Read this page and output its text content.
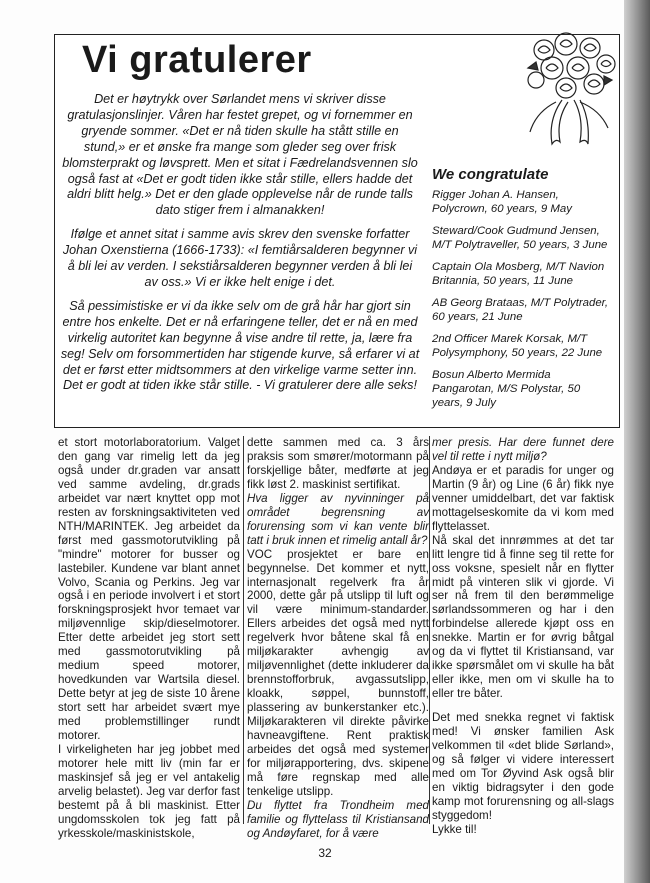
Vi gratulerer

Det er høytrykk over Sørlandet mens vi skriver disse gratulasjonslinjer. Våren har festet grepet, og vi fornemmer en gryende sommer. «Det er nå tiden skulle ha stått stille en stund,» er et ønske fra mange som gleder seg over frisk blomsterprakt og løvsprett. Men et sitat i Fædrelandsvennen slo også fast at «Det er godt tiden ikke står stille, ellers hadde det aldri blitt helg.» Det er den glade opplevelse når de runde talls dato stiger frem i almanakken!

Ifølge et annet sitat i samme avis skrev den svenske forfatter Johan Oxenstierna (1666-1733): «I femtiårsalderen begynner vi å bli lei av verden. I sekstiårsalderen begynner verden å bli lei av oss.» Vi er ikke helt enige i det.

Så pessimistiske er vi da ikke selv om de grå hår har gjort sin entre hos enkelte. Det er nå erfaringene teller, det er nå en med virkelig autoritet kan begynne å vise andre til rette, ja, lære fra seg! Selv om forsommertiden har stigende kurve, så erfarer vi at det er først etter midtsommers at den virkelige varme setter inn. Det er godt at tiden ikke står stille. - Vi gratulerer dere alle seks!

We congratulate

Rigger Johan A. Hansen, Polycrown, 60 years, 9 May

Steward/Cook Gudmund Jensen, M/T Polytraveller, 50 years, 3 June

Captain Ola Mosberg, M/T Navion Britannia, 50 years, 11 June

AB Georg Brataas, M/T Polytrader, 60 years, 21 June

2nd Officer Marek Korsak, M/T Polysymphony, 50 years, 22 June

Bosun Alberto Mermida Pangarotan, M/S Polystar, 50 years, 9 July

et stort motorlaboratorium. Valget den gang var rimelig lett da jeg også under dr.graden var ansatt ved samme avdeling, dr.grads arbeidet var nært knyttet opp mot resten av forskningsaktiviteten ved NTH/MARINTEK. Jeg arbeidet da først med gassmotorutvikling på "mindre" motorer for busser og lastebiler. Kundene var blant annet Volvo, Scania og Perkins. Jeg var også i en periode involvert i et stort forskningsprosjekt hvor temaet var miljøvennlige skip/dieselmotorer. Etter dette arbeidet jeg stort sett med gassmotorutvikling på medium speed motorer, hovedkunden var Wartsila diesel. Dette betyr at jeg de siste 10 årene stort sett har arbeidet svært mye med problemstillinger rundt motorer.

I virkeligheten har jeg jobbet med motorer hele mitt liv (min far er maskinsjef så jeg er vel antakelig arvelig belastet). Jeg var derfor fast bestemt på å bli maskinist. Etter ungdomsskolen tok jeg fatt på yrkesskole/maskinistskole,

dette sammen med ca. 3 års praksis som smører/motormann på forskjellige båter, medførte at jeg fikk løst 2. maskinist sertifikat.

Hva ligger av nyvinninger på området begrensning av forurensing som vi kan vente blir tatt i bruk innen et rimelig antall år?

VOC prosjektet er bare en begynnelse. Det kommer et nytt, internasjonalt regelverk fra år 2000, dette går på utslipp til luft og vil være minimum-standarder. Ellers arbeides det også med nytt regelverk hvor båtene skal få en miljøkarakter avhengig av miljøvennlighet (dette inkluderer da brennstofforbruk, avgassutslipp, kloakk, søppel, bunnstoff, plassering av bunkerstanker etc.). Miljøkarakteren vil direkte påvirke havneavgiftene. Rent praktisk arbeides det også med systemer for miljørapportering, dvs. skipene må føre regnskap med alle tenkelige utslipp.

Du flyttet fra Trondheim med familie og flyttelass til Kristiansand og Andøyfaret, for å være

mer presis. Har dere funnet dere vel til rette i nytt miljø?

Andøya er et paradis for unger og Martin (9 år) og Line (6 år) fikk nye venner umiddelbart, det var faktisk mottagelseskomite da vi kom med flyttelasset.

Nå skal det innrømmes at det tar litt lengre tid å finne seg til rette for oss voksne, spesielt når en flytter midt på vinteren slik vi gjorde. Vi ser nå frem til den berømmelige sørlandssommeren og har i den forbindelse allerede kjøpt oss en snekke. Martin er for øvrig båtgal og da vi flyttet til Kristiansand, var ikke spørsmålet om vi skulle ha båt eller ikke, men om vi skulle ha to eller tre båter.

Det med snekka regnet vi faktisk med! Vi ønsker familien Ask velkommen til «det blide Sørland», og så følger vi videre interessert med om Tor Øyvind Ask også blir en viktig bidragsyter i den gode kamp mot forurensning og all-slags styggedom!

Lykke til!

32
